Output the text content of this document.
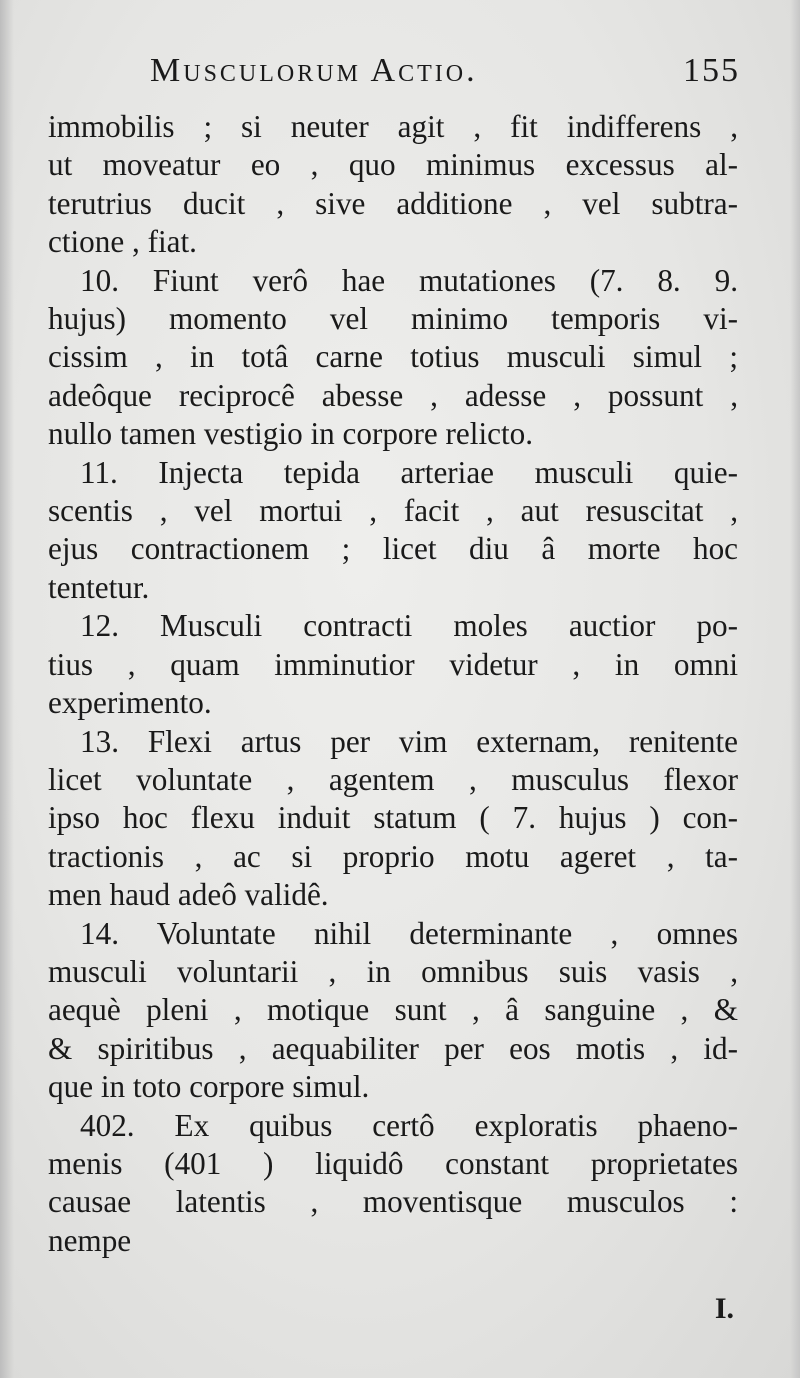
Musculorum Actio.	155
immobilis ; si neuter agit , fit indifferens ,
ut moveatur eo , quo minimus excessus al-
terutrius ducit , sive additione , vel subtra-
ctione , fiat.
10. Fiunt verô hae mutationes (7. 8. 9.
hujus) momento vel minimo temporis vi-
cissim , in totâ carne totius musculi simul ;
adeôque reciprocê abesse , adesse , possunt ,
nullo tamen vestigio in corpore relicto.
11. Injecta tepida arteriae musculi quie-
scentis , vel mortui , facit , aut resuscitat ,
ejus contractionem ; licet diu â morte hoc
tentetur.
12. Musculi contracti moles auctior po-
tius , quam imminutior videtur , in omni
experimento.
13. Flexi artus per vim externam, renitente
licet voluntate , agentem , musculus flexor
ipso hoc flexu induit statum ( 7. hujus ) con-
tractionis , ac si proprio motu ageret , ta-
men haud adeô validê.
14. Voluntate nihil determinante , omnes
musculi voluntarii , in omnibus suis vasis ,
aequè pleni , motique sunt , â sanguine , &
& spiritibus , aequabiliter per eos motis , id-
que in toto corpore simul.
402. Ex quibus certô exploratis phaeno-
menis (401 ) liquidô constant proprietates
causae latentis , moventisque musculos :
nempe
I.
